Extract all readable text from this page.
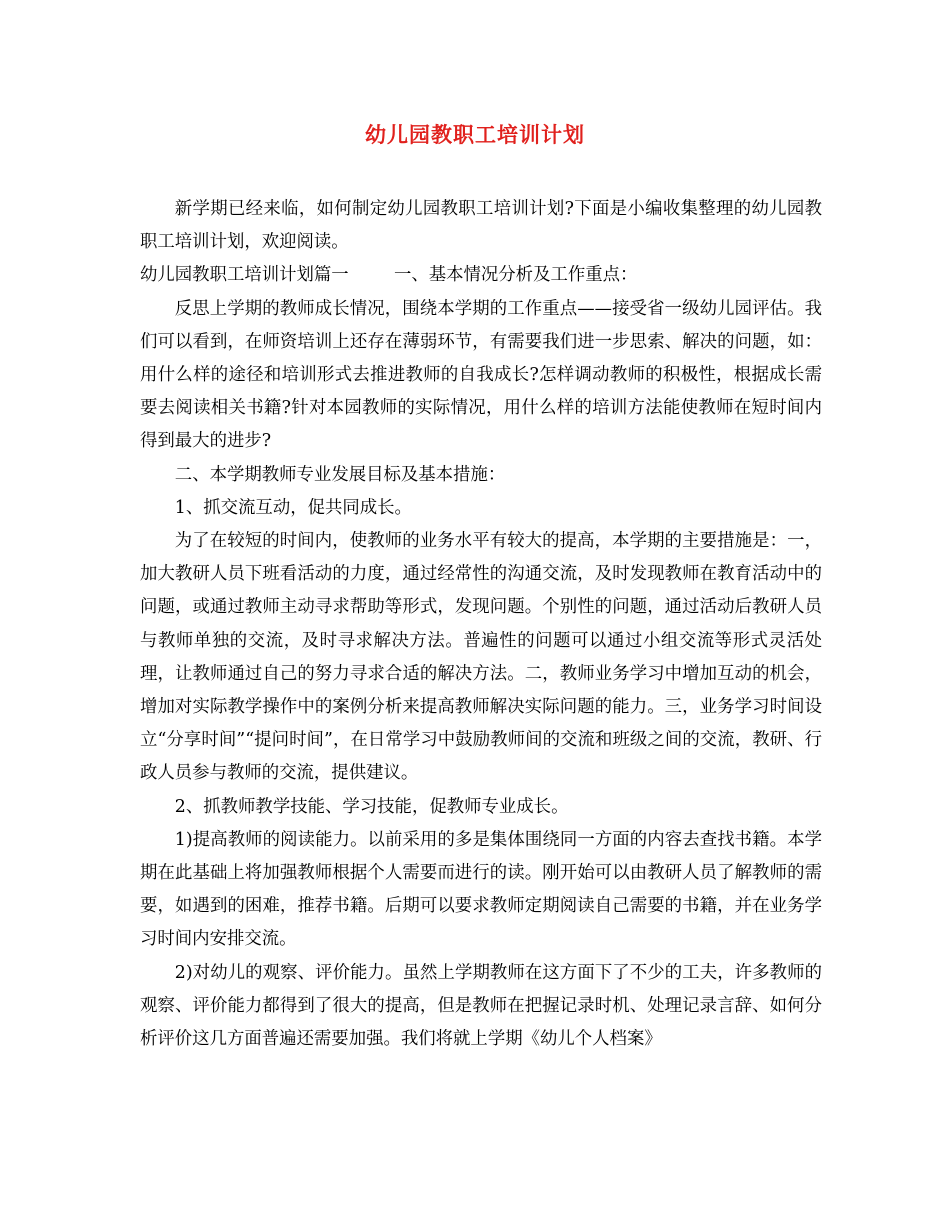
幼儿园教职工培训计划

新学期已经来临，如何制定幼儿园教职工培训计划?下面是小编收集整理的幼儿园教职工培训计划，欢迎阅读。

幼儿园教职工培训计划篇一	一、基本情况分析及工作重点：

反思上学期的教师成长情况，围绕本学期的工作重点——接受省一级幼儿园评估。我们可以看到，在师资培训上还存在薄弱环节，有需要我们进一步思索、解决的问题，如：用什么样的途径和培训形式去推进教师的自我成长?怎样调动教师的积极性，根据成长需要去阅读相关书籍?针对本园教师的实际情况，用什么样的培训方法能使教师在短时间内得到最大的进步?

二、本学期教师专业发展目标及基本措施：

1、抓交流互动，促共同成长。

为了在较短的时间内，使教师的业务水平有较大的提高，本学期的主要措施是：一，加大教研人员下班看活动的力度，通过经常性的沟通交流，及时发现教师在教育活动中的问题，或通过教师主动寻求帮助等形式，发现问题。个别性的问题，通过活动后教研人员与教师单独的交流，及时寻求解决方法。普遍性的问题可以通过小组交流等形式灵活处理，让教师通过自己的努力寻求合适的解决方法。二，教师业务学习中增加互动的机会，增加对实际教学操作中的案例分析来提高教师解决实际问题的能力。三，业务学习时间设立“分享时间”“提问时间”，在日常学习中鼓励教师间的交流和班级之间的交流，教研、行政人员参与教师的交流，提供建议。

2、抓教师教学技能、学习技能，促教师专业成长。

1)提高教师的阅读能力。以前采用的多是集体围绕同一方面的内容去查找书籍。本学期在此基础上将加强教师根据个人需要而进行的读。刚开始可以由教研人员了解教师的需要，如遇到的困难，推荐书籍。后期可以要求教师定期阅读自己需要的书籍，并在业务学习时间内安排交流。

2)对幼儿的观察、评价能力。虽然上学期教师在这方面下了不少的工夫，许多教师的观察、评价能力都得到了很大的提高，但是教师在把握记录时机、处理记录言辞、如何分析评价这几方面普遍还需要加强。我们将就上学期《幼儿个人档案》
